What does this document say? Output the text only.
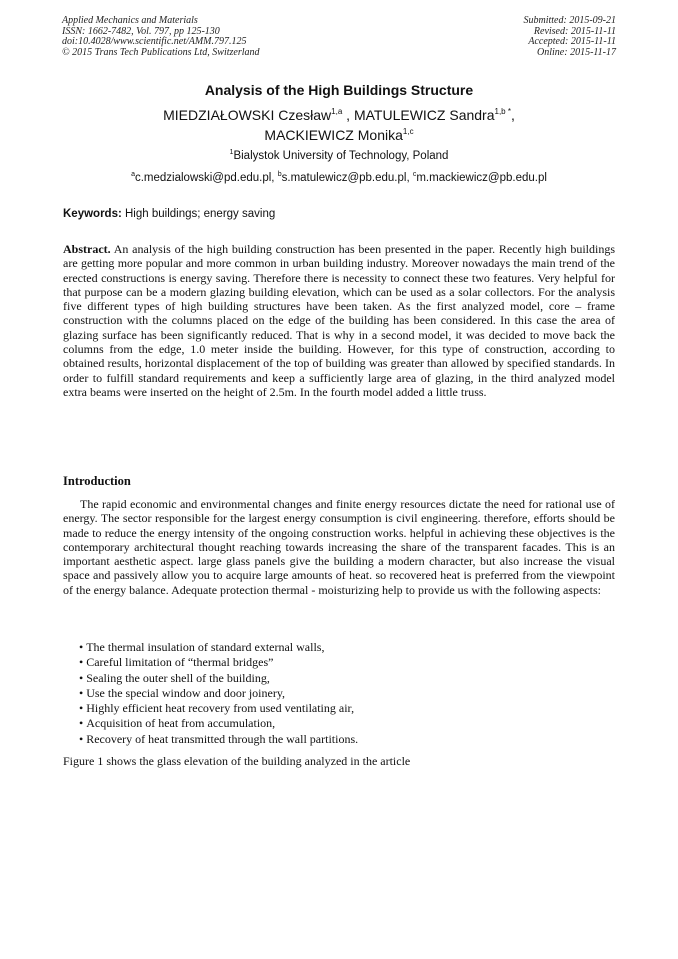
Applied Mechanics and Materials
ISSN: 1662-7482, Vol. 797, pp 125-130
doi:10.4028/www.scientific.net/AMM.797.125
© 2015 Trans Tech Publications Ltd, Switzerland
Submitted: 2015-09-21
Revised: 2015-11-11
Accepted: 2015-11-11
Online: 2015-11-17
Analysis of the High Buildings Structure
MIEDZIAŁOWSKI Czesław$^{1,a}$ , MATULEWICZ Sandra$^{1,b *}$,
MACKIEWICZ Monika$^{1,c}$
$^1$Bialystok University of Technology, Poland
$^a$c.medzialowski@pd.edu.pl, $^b$s.matulewicz@pb.edu.pl, $^c$m.mackiewicz@pb.edu.pl
Keywords: High buildings; energy saving
Abstract. An analysis of the high building construction has been presented in the paper. Recently high buildings are getting more popular and more common in urban building industry. Moreover nowadays the main trend of the erected constructions is energy saving. Therefore there is necessity to connect these two features. Very helpful for that purpose can be a modern glazing building elevation, which can be used as a solar collectors. For the analysis five different types of high building structures have been taken. As the first analyzed model, core – frame construction with the columns placed on the edge of the building has been considered. In this case the area of glazing surface has been significantly reduced. That is why in a second model, it was decided to move back the columns from the edge, 1.0 meter inside the building. However, for this type of construction, according to obtained results, horizontal displacement of the top of building was greater than allowed by specified standards. In order to fulfill standard requirements and keep a sufficiently large area of glazing, in the third analyzed model extra beams were inserted on the height of 2.5m. In the fourth model added a little truss.
Introduction
The rapid economic and environmental changes and finite energy resources dictate the need for rational use of energy. The sector responsible for the largest energy consumption is civil engineering. therefore, efforts should be made to reduce the energy intensity of the ongoing construction works. helpful in achieving these objectives is the contemporary architectural thought reaching towards increasing the share of the transparent facades. This is an important aesthetic aspect. large glass panels give the building a modern character, but also increase the visual space and passively allow you to acquire large amounts of heat. so recovered heat is preferred from the viewpoint of the energy balance. Adequate protection thermal - moisturizing help to provide us with the following aspects:
• The thermal insulation of standard external walls,
• Careful limitation of “thermal bridges”
• Sealing the outer shell of the building,
• Use the special window and door joinery,
• Highly efficient heat recovery from used ventilating air,
• Acquisition of heat from accumulation,
• Recovery of heat transmitted through the wall partitions.
Figure 1 shows the glass elevation of the building analyzed in the article
